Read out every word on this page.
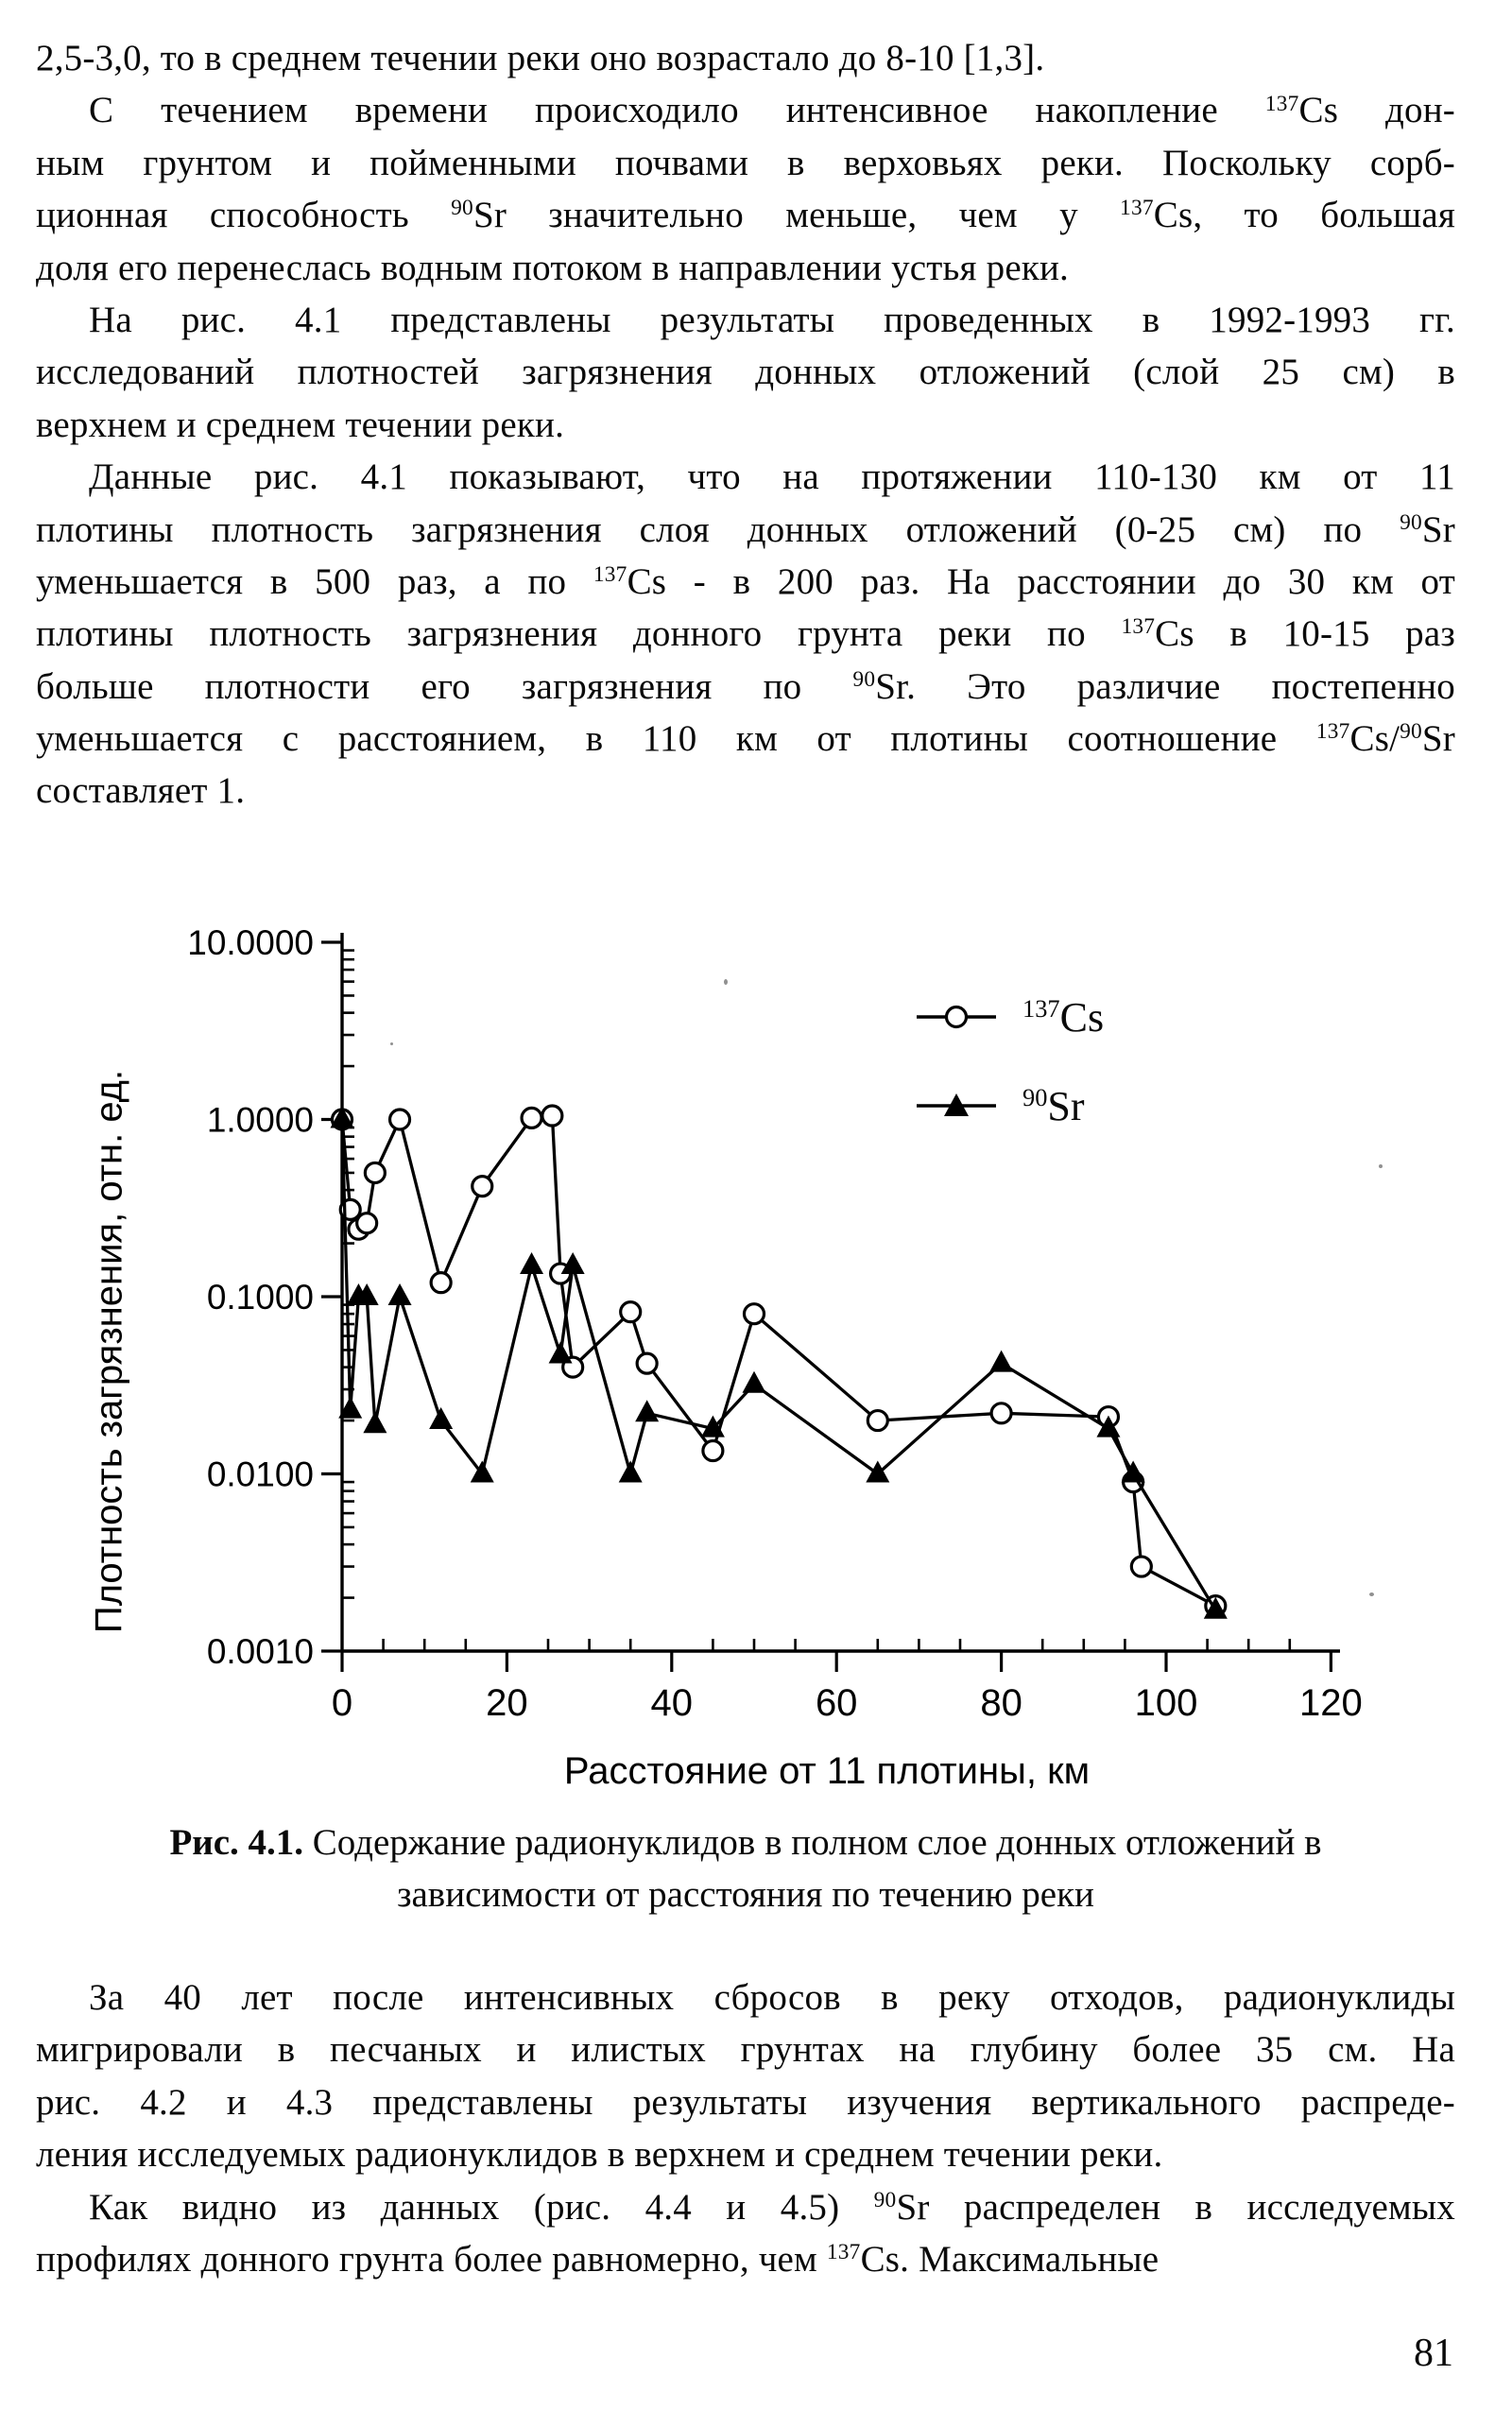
2,5-3,0, то в среднем течении реки оно возрастало до 8-10 [1,3].
С течением времени происходило интенсивное накопление $^{137}$Cs дон-
ным грунтом и пойменными почвами в верховьях реки. Поскольку сорб-
ционная способность $^{90}$Sr значительно меньше, чем у $^{137}$Cs, то большая
доля его перенеслась водным потоком в направлении устья реки.
На рис. 4.1 представлены результаты проведенных в 1992-1993 гг.
исследований плотностей загрязнения донных отложений (слой 25 см) в
верхнем и среднем течении реки.
Данные рис. 4.1 показывают, что на протяжении 110-130 км от 11
плотины плотность загрязнения слоя донных отложений (0-25 см) по $^{90}$Sr
уменьшается в 500 раз, а по $^{137}$Cs - в 200 раз. На расстоянии до 30 км от
плотины плотность загрязнения донного грунта реки по $^{137}$Cs в 10-15 раз
больше плотности его загрязнения по $^{90}$Sr. Это различие постепенно
уменьшается с расстоянием, в 110 км от плотины соотношение $^{137}$Cs/$^{90}$Sr
составляет 1.
10.0000
1.0000
0.1000
0.0100
0.0010
0	20	40	60	80	100	120
Плотность загрязнения, отн. ед.
Расстояние от 11 плотины, км
$^{137}$Cs
$^{90}$Sr
Рис. 4.1. Содержание радионуклидов в полном слое донных отложений в
зависимости от расстояния по течению реки
За 40 лет после интенсивных сбросов в реку отходов, радионуклиды
мигрировали в песчаных и илистых грунтах на глубину более 35 см. На
рис. 4.2 и 4.3 представлены результаты изучения вертикального распреде-
ления исследуемых радионуклидов в верхнем и среднем течении реки.
Как видно из данных (рис. 4.4 и 4.5) $^{90}$Sr распределен в исследуемых
профилях донного грунта более равномерно, чем $^{137}$Cs. Максимальные
81
